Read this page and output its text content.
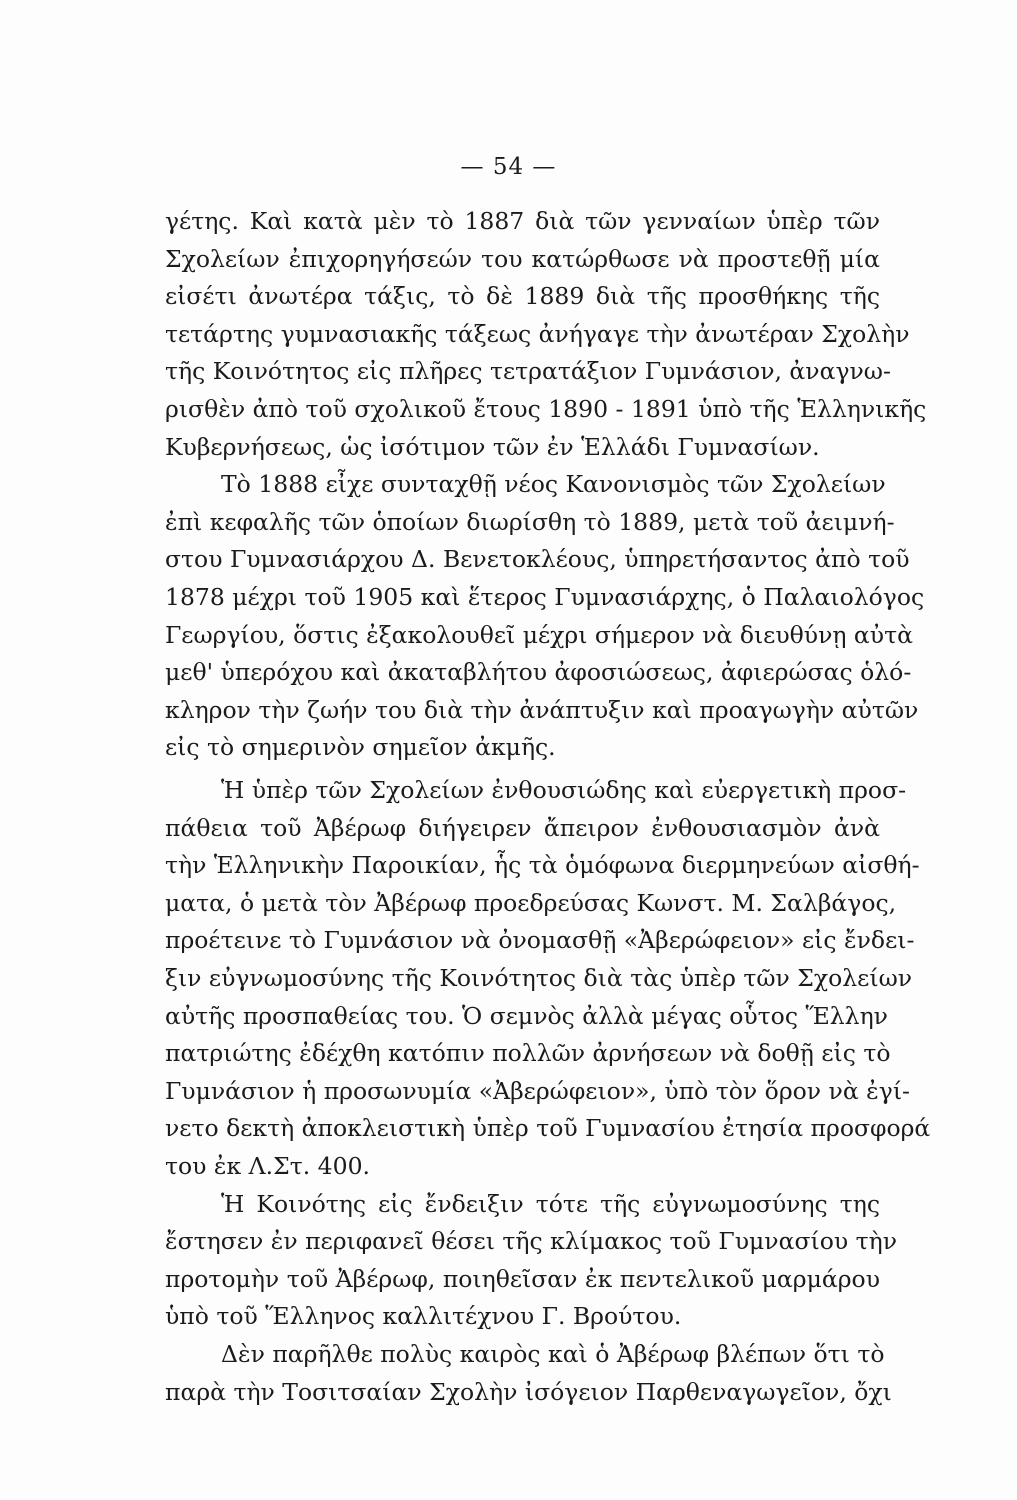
— 54 —
γέτης. Καὶ κατὰ μὲν τὸ 1887 διὰ τῶν γενναίων ὑπὲρ τῶν
Σχολείων ἐπιχορηγήσεών του κατώρθωσε νὰ προστεθῇ μία
εἰσέτι ἀνωτέρα τάξις, τὸ δὲ 1889 διὰ τῆς προσθήκης τῆς
τετάρτης γυμνασιακῆς τάξεως ἀνήγαγε τὴν ἀνωτέραν Σχολὴν
τῆς Κοινότητος εἰς πλῆρες τετρατάξιον Γυμνάσιον, ἀναγνω-
ρισθὲν ἀπὸ τοῦ σχολικοῦ ἔτους 1890 - 1891 ὑπὸ τῆς Ἑλληνικῆς
Κυβερνήσεως, ὡς ἰσότιμον τῶν ἐν Ἑλλάδι Γυμνασίων.
Τὸ 1888 εἶχε συνταχθῇ νέος Κανονισμὸς τῶν Σχολείων
ἐπὶ κεφαλῆς τῶν ὁποίων διωρίσθη τὸ 1889, μετὰ τοῦ ἀειμνή-
στου Γυμνασιάρχου Δ. Βενετοκλέους, ὑπηρετήσαντος ἀπὸ τοῦ
1878 μέχρι τοῦ 1905 καὶ ἕτερος Γυμνασιάρχης, ὁ Παλαιολόγος
Γεωργίου, ὅστις ἐξακολουθεῖ μέχρι σήμερον νὰ διευθύνῃ αὐτὰ
μεθ' ὑπερόχου καὶ ἀκαταβλήτου ἀφοσιώσεως, ἀφιερώσας ὁλό-
κληρον τὴν ζωήν του διὰ τὴν ἀνάπτυξιν καὶ προαγωγὴν αὐτῶν
εἰς τὸ σημερινὸν σημεῖον ἀκμῆς.
Ἡ ὑπὲρ τῶν Σχολείων ἐνθουσιώδης καὶ εὐεργετικὴ προσ-
πάθεια τοῦ Ἀβέρωφ διήγειρεν ἄπειρον ἐνθουσιασμὸν ἀνὰ
τὴν Ἑλληνικὴν Παροικίαν, ἧς τὰ ὁμόφωνα διερμηνεύων αἰσθή-
ματα, ὁ μετὰ τὸν Ἀβέρωφ προεδρεύσας Κωνστ. Μ. Σαλβάγος,
προέτεινε τὸ Γυμνάσιον νὰ ὀνομασθῇ «Ἀβερώφειον» εἰς ἔνδει-
ξιν εὐγνωμοσύνης τῆς Κοινότητος διὰ τὰς ὑπὲρ τῶν Σχολείων
αὐτῆς προσπαθείας του. Ὁ σεμνὸς ἀλλὰ μέγας οὗτος Ἕλλην
πατριώτης ἐδέχθη κατόπιν πολλῶν ἀρνήσεων νὰ δοθῇ εἰς τὸ
Γυμνάσιον ἡ προσωνυμία «Ἀβερώφειον», ὑπὸ τὸν ὅρον νὰ ἐγί-
νετο δεκτὴ ἀποκλειστικὴ ὑπὲρ τοῦ Γυμνασίου ἐτησία προσφορά
του ἐκ Λ.Στ. 400.
Ἡ Κοινότης εἰς ἔνδειξιν τότε τῆς εὐγνωμοσύνης της
ἔστησεν ἐν περιφανεῖ θέσει τῆς κλίμακος τοῦ Γυμνασίου τὴν
προτομὴν τοῦ Ἀβέρωφ, ποιηθεῖσαν ἐκ πεντελικοῦ μαρμάρου
ὑπὸ τοῦ Ἕλληνος καλλιτέχνου Γ. Βρούτου.
Δὲν παρῆλθε πολὺς καιρὸς καὶ ὁ Ἀβέρωφ βλέπων ὅτι τὸ
παρὰ τὴν Τοσιτσαίαν Σχολὴν ἰσόγειον Παρθεναγωγεῖον, ὄχι
